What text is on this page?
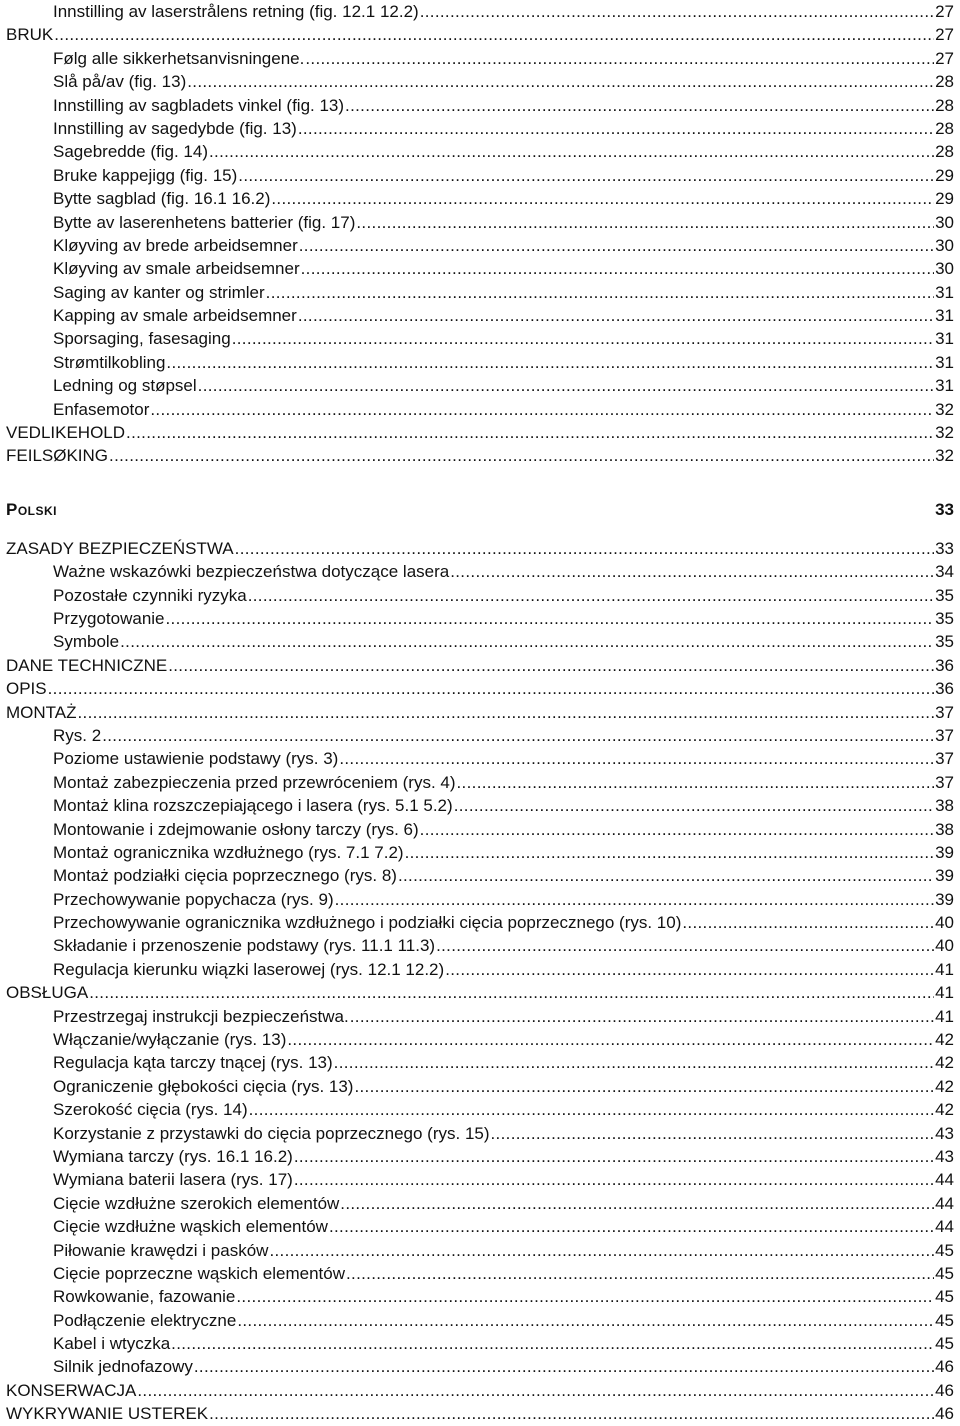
Innstilling av laserstrålens retning (fig. 12.1 12.2) . . .	27
BRUK . . .	27
Følg alle sikkerhetsanvisningene. . . .	27
Slå på/av (fig. 13) . . .	28
Innstilling av sagbladets vinkel (fig. 13) . . .	28
Innstilling av sagedybde (fig. 13) . . .	28
Sagebredde (fig. 14) . . .	28
Bruke kappejigg (fig. 15) . . .	29
Bytte sagblad (fig. 16.1 16.2) . . .	29
Bytte av laserenhetens batterier (fig. 17) . . .	30
Kløyving av brede arbeidsemner . . .	30
Kløyving av smale arbeidsemner . . .	30
Saging av kanter og strimler . . .	31
Kapping av smale arbeidsemner . . .	31
Sporsaging, fasesaging . . .	31
Strømtilkobling . . .	31
Ledning og støpsel . . .	31
Enfasemotor . . .	32
VEDLIKEHOLD . . .	32
FEILSØKING . . .	32
Polski	33
ZASADY BEZPIECZEŃSTWA . . .	33
Ważne wskazówki bezpieczeństwa dotyczące lasera . . .	34
Pozostałe czynniki ryzyka . . .	35
Przygotowanie . . .	35
Symbole . . .	35
DANE TECHNICZNE . . .	36
OPIS . . .	36
MONTAŻ . . .	37
Rys. 2 . . .	37
Poziome ustawienie podstawy (rys. 3) . . .	37
Montaż zabezpieczenia przed przewróceniem (rys. 4) . . .	37
Montaż klina rozszczepiającego i lasera (rys. 5.1 5.2) . . .	38
Montowanie i zdejmowanie osłony tarczy (rys. 6) . . .	38
Montaż ogranicznika wzdłużnego (rys. 7.1 7.2) . . .	39
Montaż podziałki cięcia poprzecznego (rys. 8) . . .	39
Przechowywanie popychacza (rys. 9) . . .	39
Przechowywanie ogranicznika wzdłużnego i podziałki cięcia poprzecznego (rys. 10) . . .	40
Składanie i przenoszenie podstawy (rys. 11.1 11.3) . . .	40
Regulacja kierunku wiązki laserowej (rys. 12.1 12.2) . . .	41
OBSŁUGA . . .	41
Przestrzegaj instrukcji bezpieczeństwa. . . .	41
Włączanie/wyłączanie (rys. 13) . . .	42
Regulacja kąta tarczy tnącej (rys. 13) . . .	42
Ograniczenie głębokości cięcia (rys. 13) . . .	42
Szerokość cięcia (rys. 14) . . .	42
Korzystanie z przystawki do cięcia poprzecznego (rys. 15) . . .	43
Wymiana tarczy (rys. 16.1 16.2) . . .	43
Wymiana baterii lasera (rys. 17) . . .	44
Cięcie wzdłużne szerokich elementów . . .	44
Cięcie wzdłużne wąskich elementów . . .	44
Piłowanie krawędzi i pasków . . .	45
Cięcie poprzeczne wąskich elementów . . .	45
Rowkowanie, fazowanie . . .	45
Podłączenie elektryczne . . .	45
Kabel i wtyczka . . .	45
Silnik jednofazowy . . .	46
KONSERWACJA . . .	46
WYKRYWANIE USTEREK . . .	46
